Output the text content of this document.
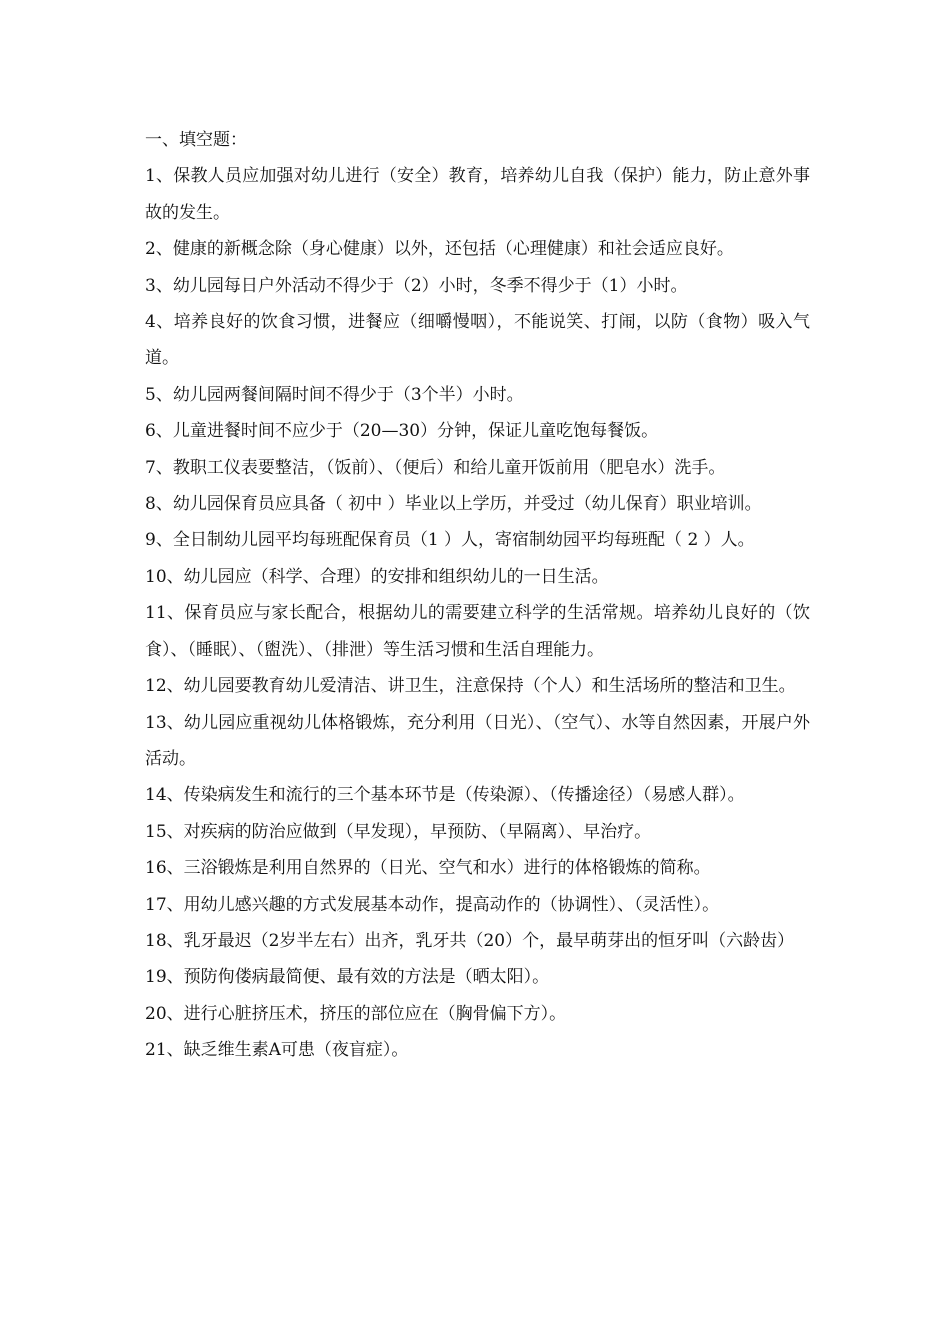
一、填空题：

1、保教人员应加强对幼儿进行（安全）教育，培养幼儿自我（保护）能力，防止意外事故的发生。

2、健康的新概念除（身心健康）以外，还包括（心理健康）和社会适应良好。

3、幼儿园每日户外活动不得少于（2）小时，冬季不得少于（1）小时。

4、培养良好的饮食习惯，进餐应（细嚼慢咽），不能说笑、打闹，以防（食物）吸入气道。

5、幼儿园两餐间隔时间不得少于（3个半）小时。

6、儿童进餐时间不应少于（20—30）分钟，保证儿童吃饱每餐饭。

7、教职工仪表要整洁，（饭前）、（便后）和给儿童开饭前用（肥皂水）洗手。

8、幼儿园保育员应具备（ 初中 ）毕业以上学历，并受过（幼儿保育）职业培训。

9、全日制幼儿园平均每班配保育员（1 ）人，寄宿制幼园平均每班配（ 2 ）人。

10、幼儿园应（科学、合理）的安排和组织幼儿的一日生活。

11、保育员应与家长配合，根据幼儿的需要建立科学的生活常规。培养幼儿良好的（饮食）、（睡眠）、（盥洗）、（排泄）等生活习惯和生活自理能力。

12、幼儿园要教育幼儿爱清洁、讲卫生，注意保持（个人）和生活场所的整洁和卫生。

13、幼儿园应重视幼儿体格锻炼，充分利用（日光）、（空气）、水等自然因素，开展户外活动。

14、传染病发生和流行的三个基本环节是（传染源）、（传播途径）（易感人群）。

15、对疾病的防治应做到（早发现），早预防、（早隔离）、早治疗。

16、三浴锻炼是利用自然界的（日光、空气和水）进行的体格锻炼的简称。

17、用幼儿感兴趣的方式发展基本动作，提高动作的（协调性）、（灵活性）。

18、乳牙最迟（2岁半左右）出齐，乳牙共（20）个，最早萌芽出的恒牙叫（六龄齿）

19、预防佝偻病最简便、最有效的方法是（晒太阳）。

20、进行心脏挤压术，挤压的部位应在（胸骨偏下方）。

21、缺乏维生素A可患（夜盲症）。
